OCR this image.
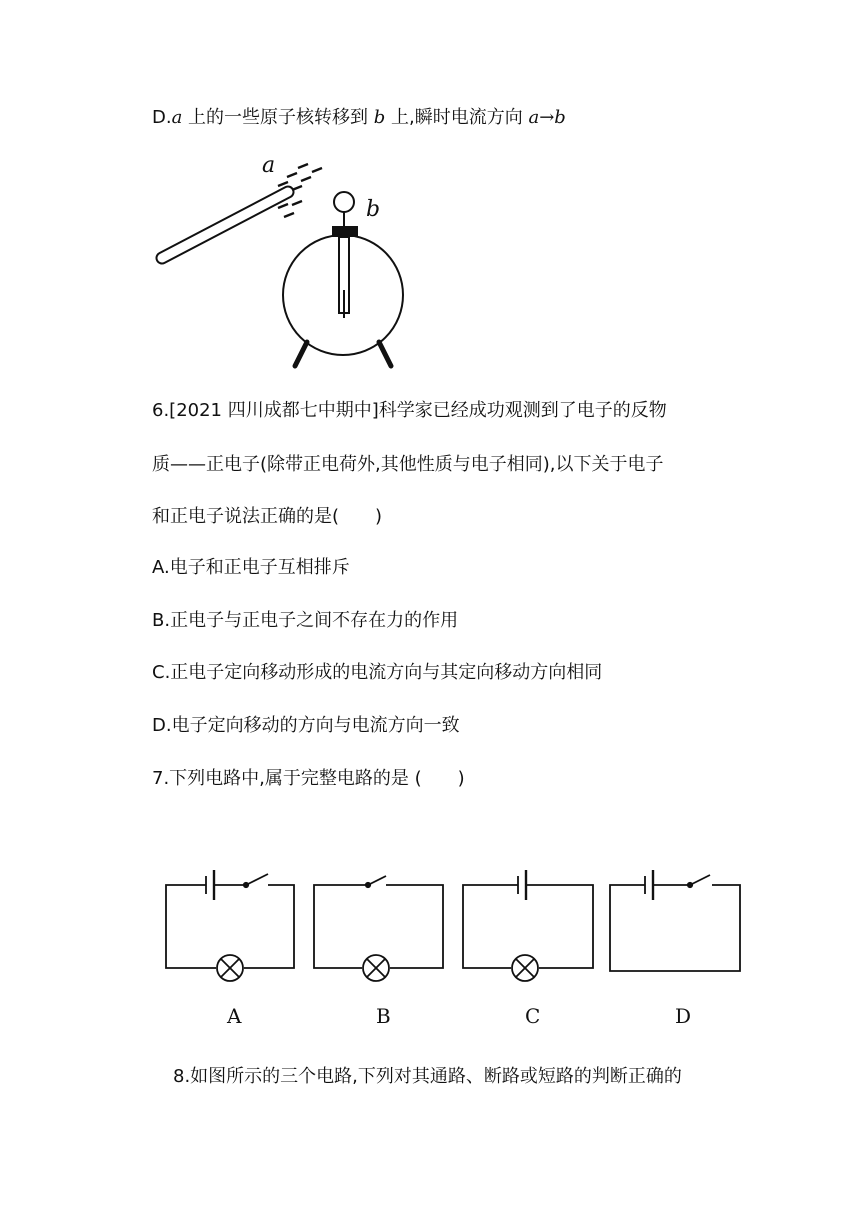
D.a 上的一些原子核转移到 b 上,瞬时电流方向 a→b
a
b
6.[2021 四川成都七中期中]科学家已经成功观测到了电子的反物
质——正电子(除带正电荷外,其他性质与电子相同),以下关于电子
和正电子说法正确的是(　　)
A.电子和正电子互相排斥
B.正电子与正电子之间不存在力的作用
C.正电子定向移动形成的电流方向与其定向移动方向相同
D.电子定向移动的方向与电流方向一致
7.下列电路中,属于完整电路的是 (　　)
A	B	C	D
8.如图所示的三个电路,下列对其通路、断路或短路的判断正确的
